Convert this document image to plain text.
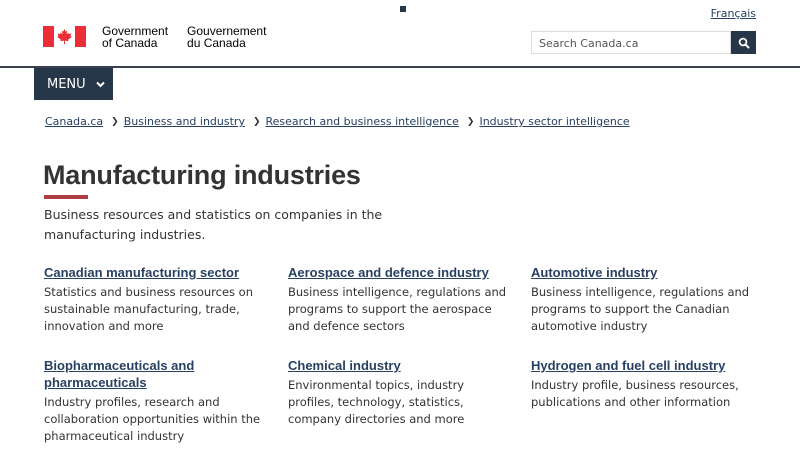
Français
Government
of Canada
Gouvernement
du Canada	Search Canada.ca
MENU
Canada.ca ❯ Business and industry ❯ Research and business intelligence ❯ Industry sector intelligence
Manufacturing industries

Business resources and statistics on companies in the manufacturing industries.

Canadian manufacturing sector

Statistics and business resources on sustainable manufacturing, trade, innovation and more

Aerospace and defence industry

Business intelligence, regulations and programs to support the aerospace and defence sectors

Automotive industry

Business intelligence, regulations and programs to support the Canadian automotive industry

Biopharmaceuticals and pharmaceuticals

Industry profiles, research and collaboration opportunities within the pharmaceutical industry

Chemical industry

Environmental topics, industry profiles, technology, statistics, company directories and more

Hydrogen and fuel cell industry

Industry profile, business resources, publications and other information
